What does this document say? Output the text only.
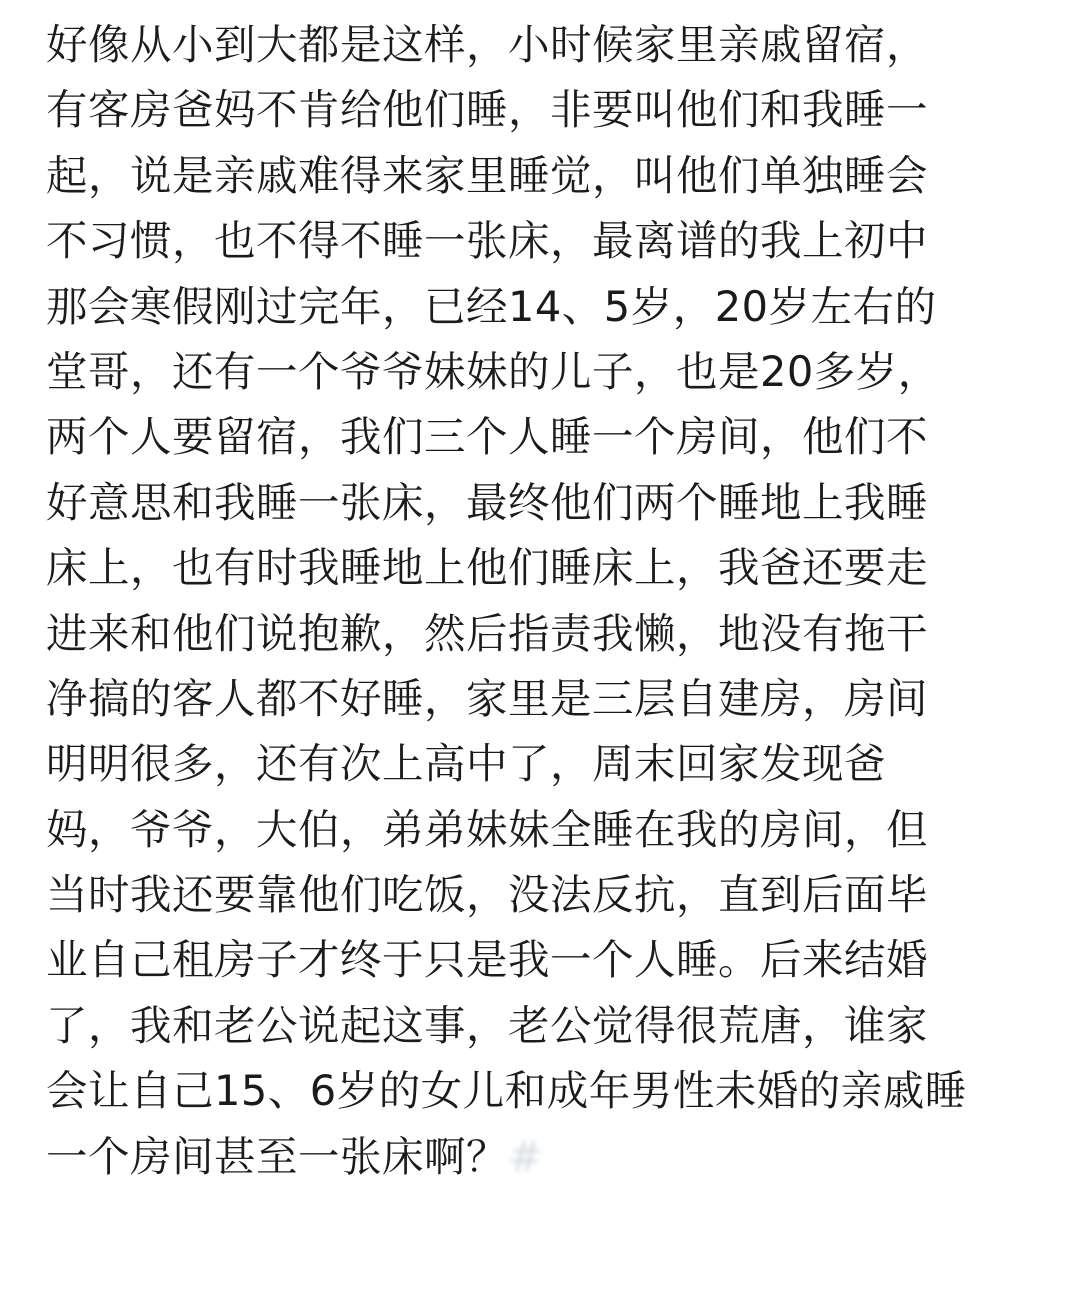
好像从小到大都是这样，小时候家里亲戚留宿，
有客房爸妈不肯给他们睡，非要叫他们和我睡一
起，说是亲戚难得来家里睡觉，叫他们单独睡会
不习惯，也不得不睡一张床，最离谱的我上初中
那会寒假刚过完年，已经14、5岁，20岁左右的
堂哥，还有一个爷爷妹妹的儿子，也是20多岁，
两个人要留宿，我们三个人睡一个房间，他们不
好意思和我睡一张床，最终他们两个睡地上我睡
床上，也有时我睡地上他们睡床上，我爸还要走
进来和他们说抱歉，然后指责我懒，地没有拖干
净搞的客人都不好睡，家里是三层自建房，房间
明明很多，还有次上高中了，周末回家发现爸
妈，爷爷，大伯，弟弟妹妹全睡在我的房间，但
当时我还要靠他们吃饭，没法反抗，直到后面毕
业自己租房子才终于只是我一个人睡。后来结婚
了，我和老公说起这事，老公觉得很荒唐，谁家
会让自己15、6岁的女儿和成年男性未婚的亲戚睡
一个房间甚至一张床啊？#
